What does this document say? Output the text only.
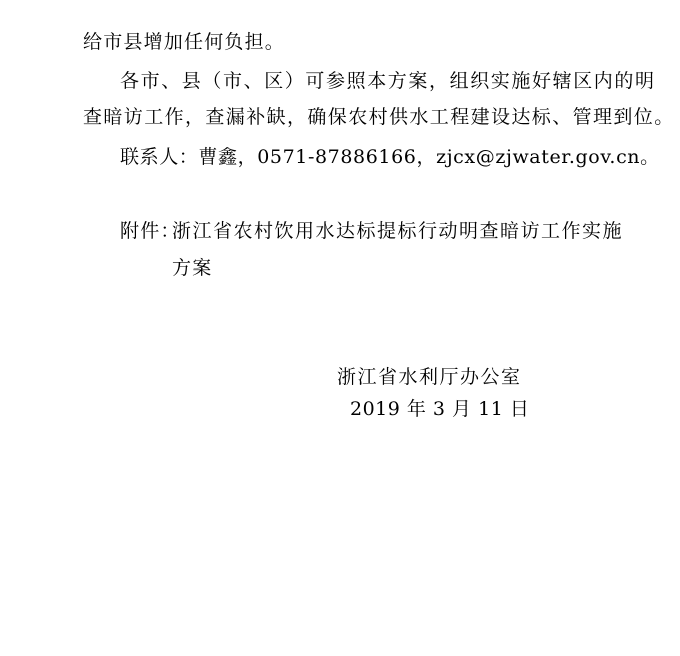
给市县增加任何负担。
各市、县（市、区）可参照本方案，组织实施好辖区内的明
查暗访工作，查漏补缺，确保农村供水工程建设达标、管理到位。
联系人：曹鑫，0571-87886166，zjcx@zjwater.gov.cn。
附件：
浙江省农村饮用水达标提标行动明查暗访工作实施
方案
浙江省水利厅办公室
2019 年 3 月 11 日
